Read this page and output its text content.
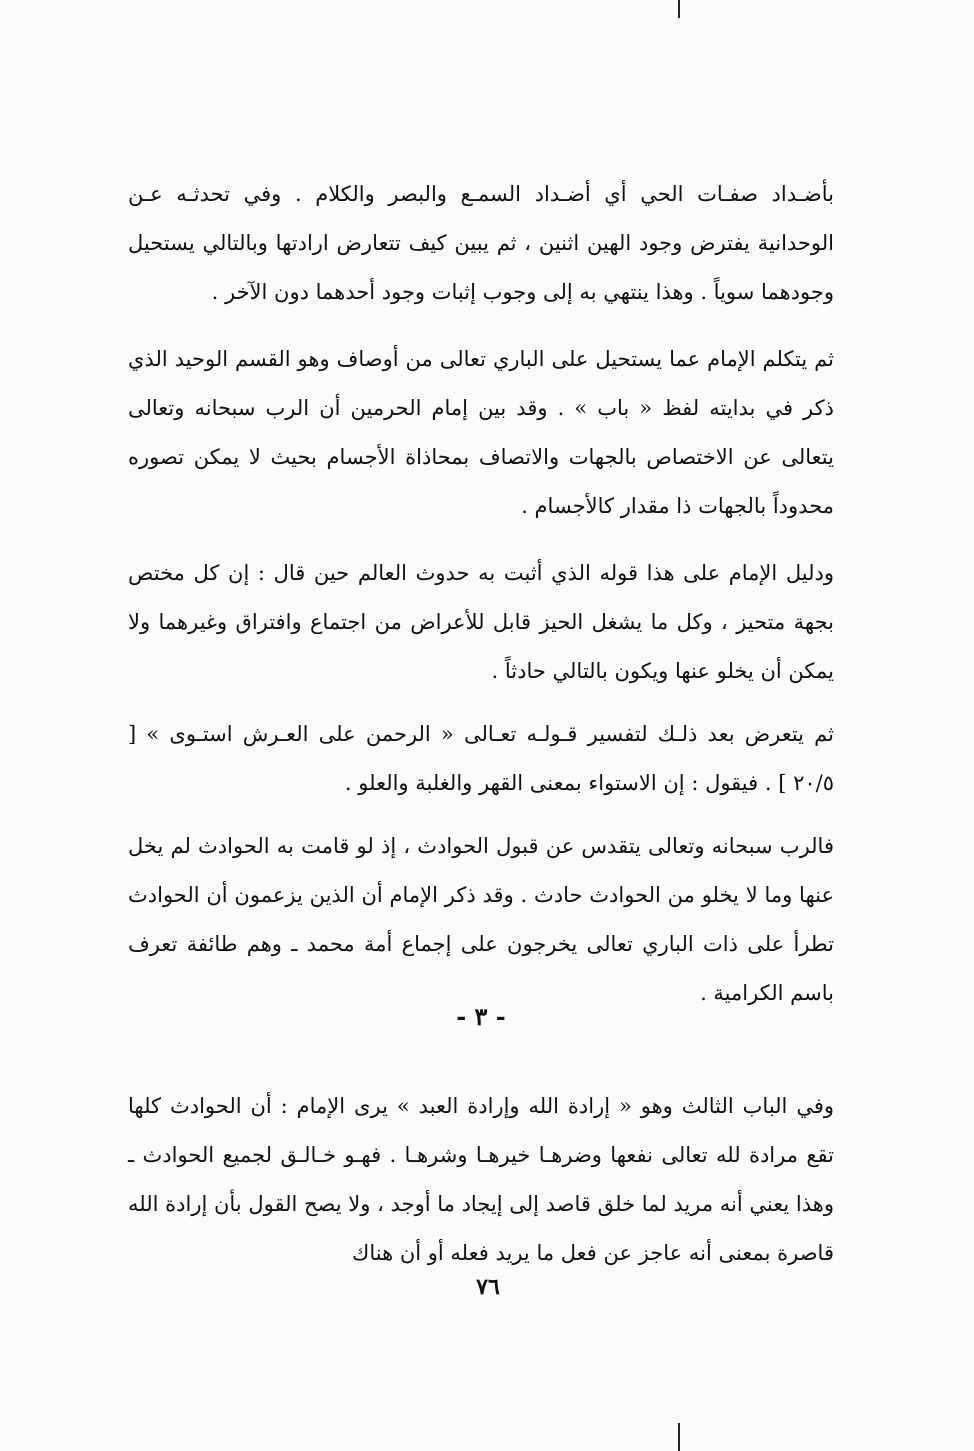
بأضـداد صفـات الحي أي أضـداد السمـع والبصر والكلام . وفي تحدثـه عـن الوحدانية يفترض وجود الهين اثنين ، ثم يبين كيف تتعارض ارادتها وبالتالي يستحيل وجودهما سوياً . وهذا ينتهي به إلى وجوب إثبات وجود أحدهما دون الآخر .

ثم يتكلم الإمام عما يستحيل على الباري تعالى من أوصاف وهو القسم الوحيد الذي ذكر في بدايته لفظ « باب » . وقد بين إمام الحرمين أن الرب سبحانه وتعالى يتعالى عن الاختصاص بالجهات والاتصاف بمحاذاة الأجسام بحيث لا يمكن تصوره محدوداً بالجهات ذا مقدار كالأجسام .

ودليل الإمام على هذا قوله الذي أثبت به حدوث العالم حين قال : إن كل مختص بجهة متحيز ، وكل ما يشغل الحيز قابل للأعراض من اجتماع وافتراق وغيرهما ولا يمكن أن يخلو عنها ويكون بالتالي حادثاً .

ثم يتعرض بعد ذلـك لتفسير قـولـه تعـالى « الرحمن على العـرش استـوى » [ ٢٠/٥ ] . فيقول : إن الاستواء بمعنى القهر والغلبة والعلو .

فالرب سبحانه وتعالى يتقدس عن قبول الحوادث ، إذ لو قامت به الحوادث لم يخل عنها وما لا يخلو من الحوادث حادث . وقد ذكر الإمام أن الذين يزعمون أن الحوادث تطرأ على ذات الباري تعالى يخرجون على إجماع أمة محمد ـ وهم طائفة تعرف باسم الكرامية .

- ٣ -

وفي الباب الثالث وهو « إرادة الله وإرادة العبد » يرى الإمام : أن الحوادث كلها تقع مرادة لله تعالى نفعها وضرهـا خيرهـا وشرهـا . فهـو خـالـق لجميع الحوادث ـ وهذا يعني أنه مريد لما خلق قاصد إلى إيجاد ما أوجد ، ولا يصح القول بأن إرادة الله قاصرة بمعنى أنه عاجز عن فعل ما يريد فعله أو أن هناك

٧٦
